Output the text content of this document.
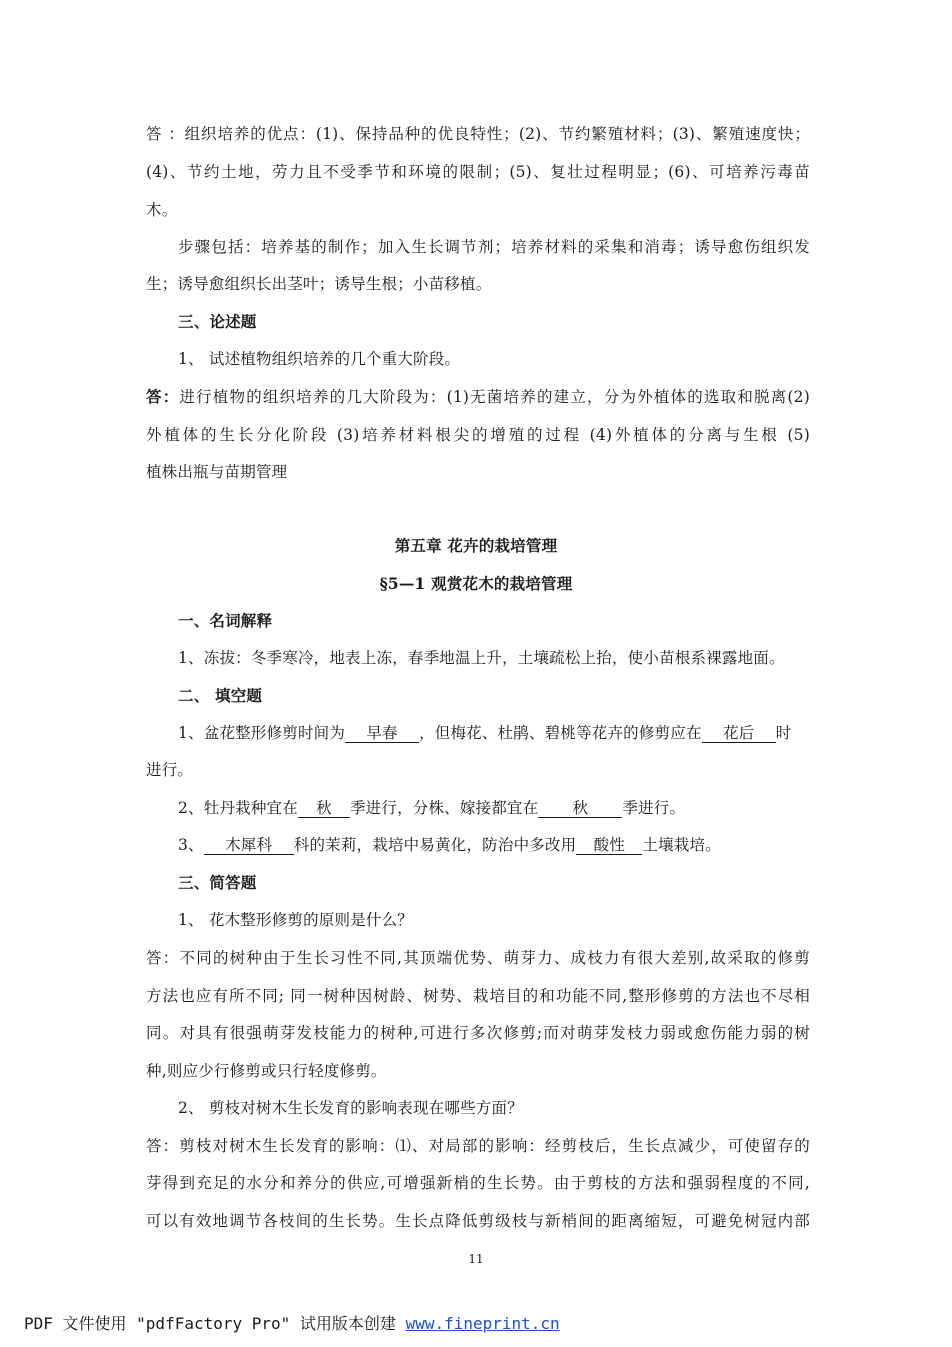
答 ：组织培养的优点：(1)、保持品种的优良特性；(2)、节约繁殖材料；(3)、繁殖速度快；
(4)、节约土地，劳力且不受季节和环境的限制；(5)、复壮过程明显；(6)、可培养污毒苗
木。
步骤包括：培养基的制作；加入生长调节剂；培养材料的采集和消毒；诱导愈伤组织发
生；诱导愈组织长出茎叶；诱导生根；小苗移植。
三、论述题
1、 试述植物组织培养的几个重大阶段。
答：进行植物的组织培养的几大阶段为：(1)无菌培养的建立，分为外植体的选取和脱离(2)
外植体的生长分化阶段 (3)培养材料根尖的增殖的过程 (4)外植体的分离与生根 (5)
植株出瓶与苗期管理
第五章 花卉的栽培管理
§5—1 观赏花木的栽培管理
一、名词解释
1、冻拔：冬季寒冷，地表上冻，春季地温上升，土壤疏松上抬，使小苗根系裸露地面。
二、 填空题
1、盆花整形修剪时间为 早春 ，但梅花、杜鹃、碧桃等花卉的修剪应在 花后 时
进行。
2、牡丹栽种宜在 秋 季进行，分株、嫁接都宜在 秋 季进行。
3、 木犀科 科的茉莉，栽培中易黄化，防治中多改用 酸性 土壤栽培。
三、简答题
1、 花木整形修剪的原则是什么？
答：不同的树种由于生长习性不同,其顶端优势、萌芽力、成枝力有很大差别,故采取的修剪
方法也应有所不同; 同一树种因树龄、树势、栽培目的和功能不同,整形修剪的方法也不尽相
同。对具有很强萌芽发枝能力的树种,可进行多次修剪;而对萌芽发枝力弱或愈伤能力弱的树
种,则应少行修剪或只行轻度修剪。
2、 剪枝对树木生长发育的影响表现在哪些方面？
答：剪枝对树木生长发育的影响：⑴、对局部的影响：经剪枝后，生长点减少，可使留存的
芽得到充足的水分和养分的供应,可增强新梢的生长势。由于剪枝的方法和强弱程度的不同,
可以有效地调节各枝间的生长势。生长点降低剪级枝与新梢间的距离缩短，可避免树冠内部
11
PDF 文件使用 "pdfFactory Pro" 试用版本创建 www.fineprint.cn
